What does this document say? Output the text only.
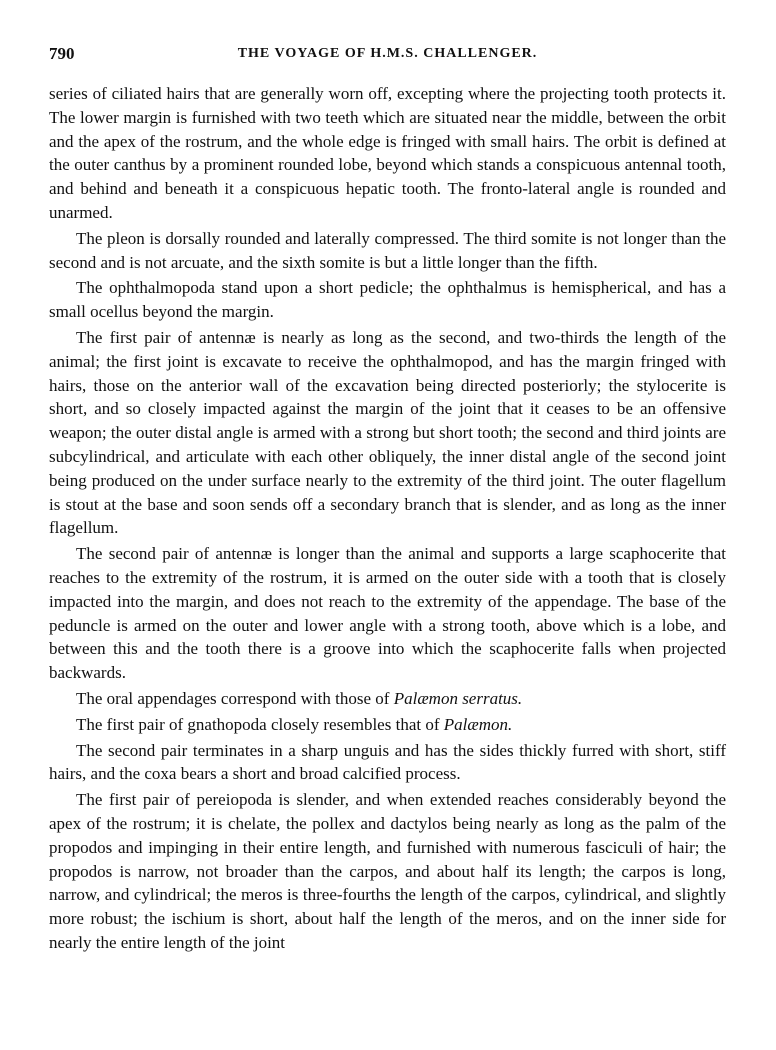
790	THE VOYAGE OF H.M.S. CHALLENGER.

series of ciliated hairs that are generally worn off, excepting where the projecting tooth protects it. The lower margin is furnished with two teeth which are situated near the middle, between the orbit and the apex of the rostrum, and the whole edge is fringed with small hairs. The orbit is defined at the outer canthus by a prominent rounded lobe, beyond which stands a conspicuous antennal tooth, and behind and beneath it a conspicuous hepatic tooth. The fronto-lateral angle is rounded and unarmed.

The pleon is dorsally rounded and laterally compressed. The third somite is not longer than the second and is not arcuate, and the sixth somite is but a little longer than the fifth.

The ophthalmopoda stand upon a short pedicle; the ophthalmus is hemispherical, and has a small ocellus beyond the margin.

The first pair of antennæ is nearly as long as the second, and two-thirds the length of the animal; the first joint is excavate to receive the ophthalmopod, and has the margin fringed with hairs, those on the anterior wall of the excavation being directed posteriorly; the stylocerite is short, and so closely impacted against the margin of the joint that it ceases to be an offensive weapon; the outer distal angle is armed with a strong but short tooth; the second and third joints are subcylindrical, and articulate with each other obliquely, the inner distal angle of the second joint being produced on the under surface nearly to the extremity of the third joint. The outer flagellum is stout at the base and soon sends off a secondary branch that is slender, and as long as the inner flagellum.

The second pair of antennæ is longer than the animal and supports a large scaphocerite that reaches to the extremity of the rostrum, it is armed on the outer side with a tooth that is closely impacted into the margin, and does not reach to the extremity of the appendage. The base of the peduncle is armed on the outer and lower angle with a strong tooth, above which is a lobe, and between this and the tooth there is a groove into which the scaphocerite falls when projected backwards.

The oral appendages correspond with those of Palæmon serratus.

The first pair of gnathopoda closely resembles that of Palæmon.

The second pair terminates in a sharp unguis and has the sides thickly furred with short, stiff hairs, and the coxa bears a short and broad calcified process.

The first pair of pereiopoda is slender, and when extended reaches considerably beyond the apex of the rostrum; it is chelate, the pollex and dactylos being nearly as long as the palm of the propodos and impinging in their entire length, and furnished with numerous fasciculi of hair; the propodos is narrow, not broader than the carpos, and about half its length; the carpos is long, narrow, and cylindrical; the meros is three-fourths the length of the carpos, cylindrical, and slightly more robust; the ischium is short, about half the length of the meros, and on the inner side for nearly the entire length of the joint
